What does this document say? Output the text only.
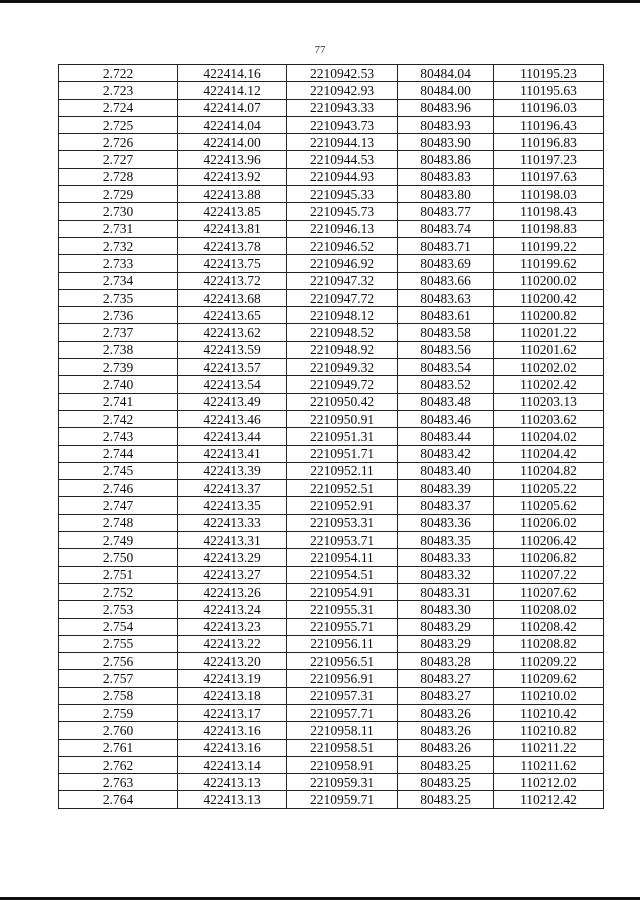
77
2.722	422414.16	2210942.53	80484.04	110195.23
2.723	422414.12	2210942.93	80484.00	110195.63
2.724	422414.07	2210943.33	80483.96	110196.03
2.725	422414.04	2210943.73	80483.93	110196.43
2.726	422414.00	2210944.13	80483.90	110196.83
2.727	422413.96	2210944.53	80483.86	110197.23
2.728	422413.92	2210944.93	80483.83	110197.63
2.729	422413.88	2210945.33	80483.80	110198.03
2.730	422413.85	2210945.73	80483.77	110198.43
2.731	422413.81	2210946.13	80483.74	110198.83
2.732	422413.78	2210946.52	80483.71	110199.22
2.733	422413.75	2210946.92	80483.69	110199.62
2.734	422413.72	2210947.32	80483.66	110200.02
2.735	422413.68	2210947.72	80483.63	110200.42
2.736	422413.65	2210948.12	80483.61	110200.82
2.737	422413.62	2210948.52	80483.58	110201.22
2.738	422413.59	2210948.92	80483.56	110201.62
2.739	422413.57	2210949.32	80483.54	110202.02
2.740	422413.54	2210949.72	80483.52	110202.42
2.741	422413.49	2210950.42	80483.48	110203.13
2.742	422413.46	2210950.91	80483.46	110203.62
2.743	422413.44	2210951.31	80483.44	110204.02
2.744	422413.41	2210951.71	80483.42	110204.42
2.745	422413.39	2210952.11	80483.40	110204.82
2.746	422413.37	2210952.51	80483.39	110205.22
2.747	422413.35	2210952.91	80483.37	110205.62
2.748	422413.33	2210953.31	80483.36	110206.02
2.749	422413.31	2210953.71	80483.35	110206.42
2.750	422413.29	2210954.11	80483.33	110206.82
2.751	422413.27	2210954.51	80483.32	110207.22
2.752	422413.26	2210954.91	80483.31	110207.62
2.753	422413.24	2210955.31	80483.30	110208.02
2.754	422413.23	2210955.71	80483.29	110208.42
2.755	422413.22	2210956.11	80483.29	110208.82
2.756	422413.20	2210956.51	80483.28	110209.22
2.757	422413.19	2210956.91	80483.27	110209.62
2.758	422413.18	2210957.31	80483.27	110210.02
2.759	422413.17	2210957.71	80483.26	110210.42
2.760	422413.16	2210958.11	80483.26	110210.82
2.761	422413.16	2210958.51	80483.26	110211.22
2.762	422413.14	2210958.91	80483.25	110211.62
2.763	422413.13	2210959.31	80483.25	110212.02
2.764	422413.13	2210959.71	80483.25	110212.42
